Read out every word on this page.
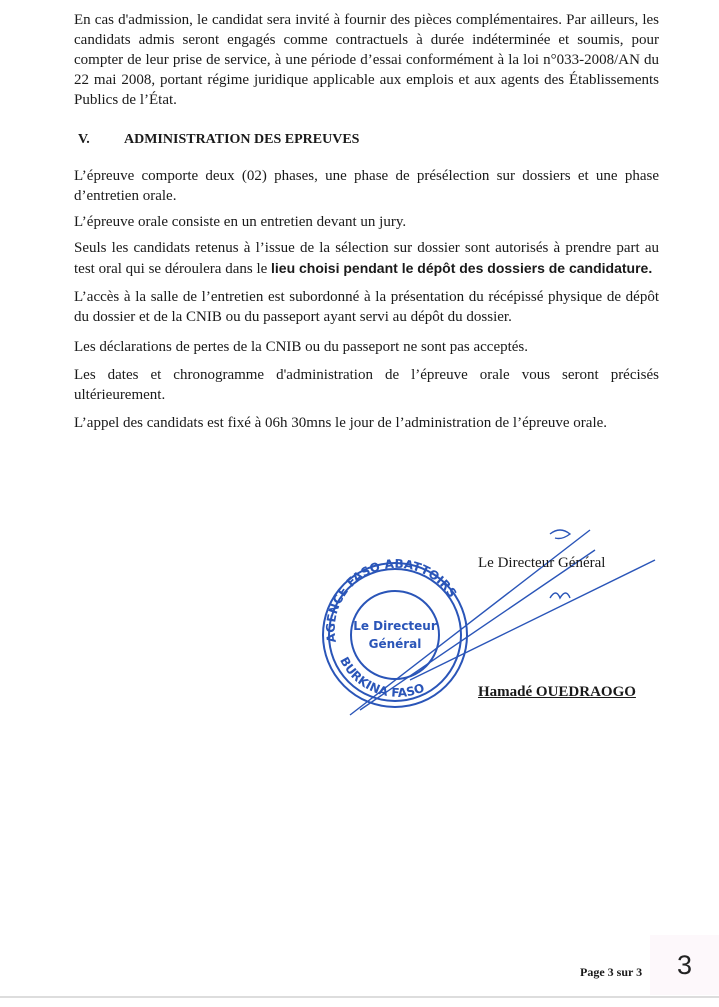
En cas d'admission, le candidat sera invité à fournir des pièces complémentaires. Par ailleurs, les candidats admis seront engagés comme contractuels à durée indéterminée et soumis, pour compter de leur prise de service, à une période d’essai conformément à la loi n°033-2008/AN du 22 mai 2008, portant régime juridique applicable aux emplois et aux agents des Établissements Publics de l’État.

V. ADMINISTRATION DES EPREUVES

L’épreuve comporte deux (02) phases, une phase de présélection sur dossiers et une phase d’entretien orale.

L’épreuve orale consiste en un entretien devant un jury.

Seuls les candidats retenus à l’issue de la sélection sur dossier sont autorisés à prendre part au test oral qui se déroulera dans le lieu choisi pendant le dépôt des dossiers de candidature.

L’accès à la salle de l’entretien est subordonné à la présentation du récépissé physique de dépôt du dossier et de la CNIB ou du passeport ayant servi au dépôt du dossier.

Les déclarations de pertes de la CNIB ou du passeport ne sont pas acceptés.

Les dates et chronogramme d'administration de l’épreuve orale vous seront précisés ultérieurement.

L’appel des candidats est fixé à 06h 30mns le jour de l’administration de l’épreuve orale.

AGENCE FASO ABATTOIRS
BURKINA FASO
Le Directeur
Général
Le Directeur Général
Hamadé OUEDRAOGO
Page 3 sur 3	3
